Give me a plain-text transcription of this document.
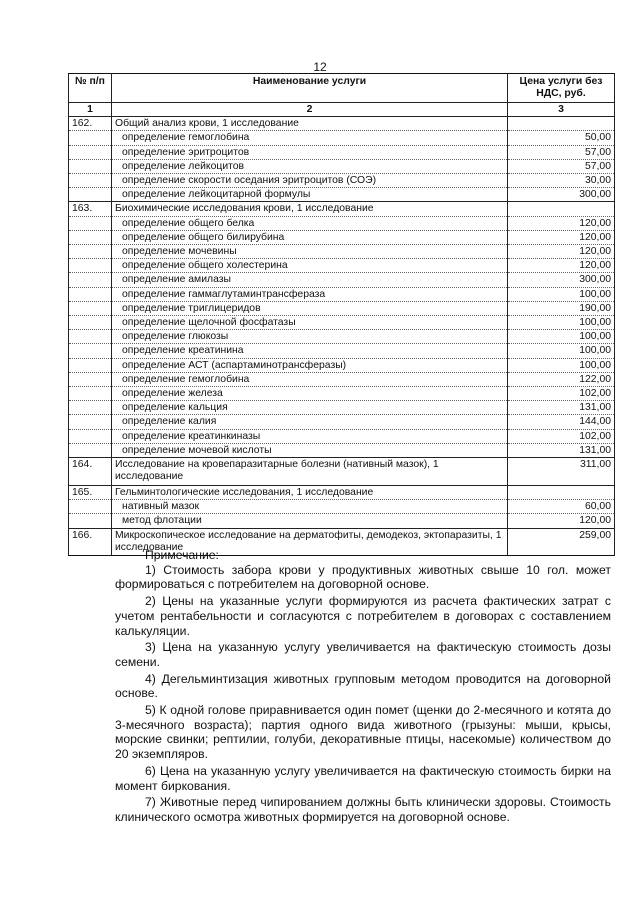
12
№ п/п	Наименование услуги	Цена услуги без НДС, руб.
1	2	3
162.	Общий анализ крови, 1 исследование	
	определение гемоглобина	50,00
	определение эритроцитов	57,00
	определение лейкоцитов	57,00
	определение скорости оседания эритроцитов (СОЭ)	30,00
	определение лейкоцитарной формулы	300,00
163.	Биохимические исследования крови, 1 исследование	
	определение общего белка	120,00
	определение общего билирубина	120,00
	определение мочевины	120,00
	определение общего холестерина	120,00
	определение амилазы	300,00
	определение гаммаглутаминтрансфераза	100,00
	определение триглицеридов	190,00
	определение щелочной фосфатазы	100,00
	определение глюкозы	100,00
	определение креатинина	100,00
	определение АСТ (аспартаминотрансферазы)	100,00
	определение гемоглобина	122,00
	определение железа	102,00
	определение кальция	131,00
	определение калия	144,00
	определение креатинкиназы	102,00
	определение мочевой кислоты	131,00
164.	Исследование на кровепаразитарные болезни (нативный мазок), 1 исследование	311,00
165.	Гельминтологические исследования, 1 исследование	
	нативный мазок	60,00
	метод флотации	120,00
166.	Микроскопическое исследование на дерматофиты, демодекоз, эктопаразиты, 1 исследование	259,00
Примечание:

1) Стоимость забора крови у продуктивных животных свыше 10 гол. может формироваться с потребителем на договорной основе.

2) Цены на указанные услуги формируются из расчета фактических затрат с учетом рентабельности и согласуются с потребителем в договорах с составлением калькуляции.

3) Цена на указанную услугу увеличивается на фактическую стоимость дозы семени.

4) Дегельминтизация животных групповым методом проводится на договорной основе.

5) К одной голове приравнивается один помет (щенки до 2-месячного и котята до 3-месячного возраста); партия одного вида животного (грызуны: мыши, крысы, морские свинки; рептилии, голуби, декоративные птицы, насекомые) количеством до 20 экземпляров.

6) Цена на указанную услугу увеличивается на фактическую стоимость бирки на момент биркования.

7) Животные перед чипированием должны быть клинически здоровы. Стоимость клинического осмотра животных формируется на договорной основе.
